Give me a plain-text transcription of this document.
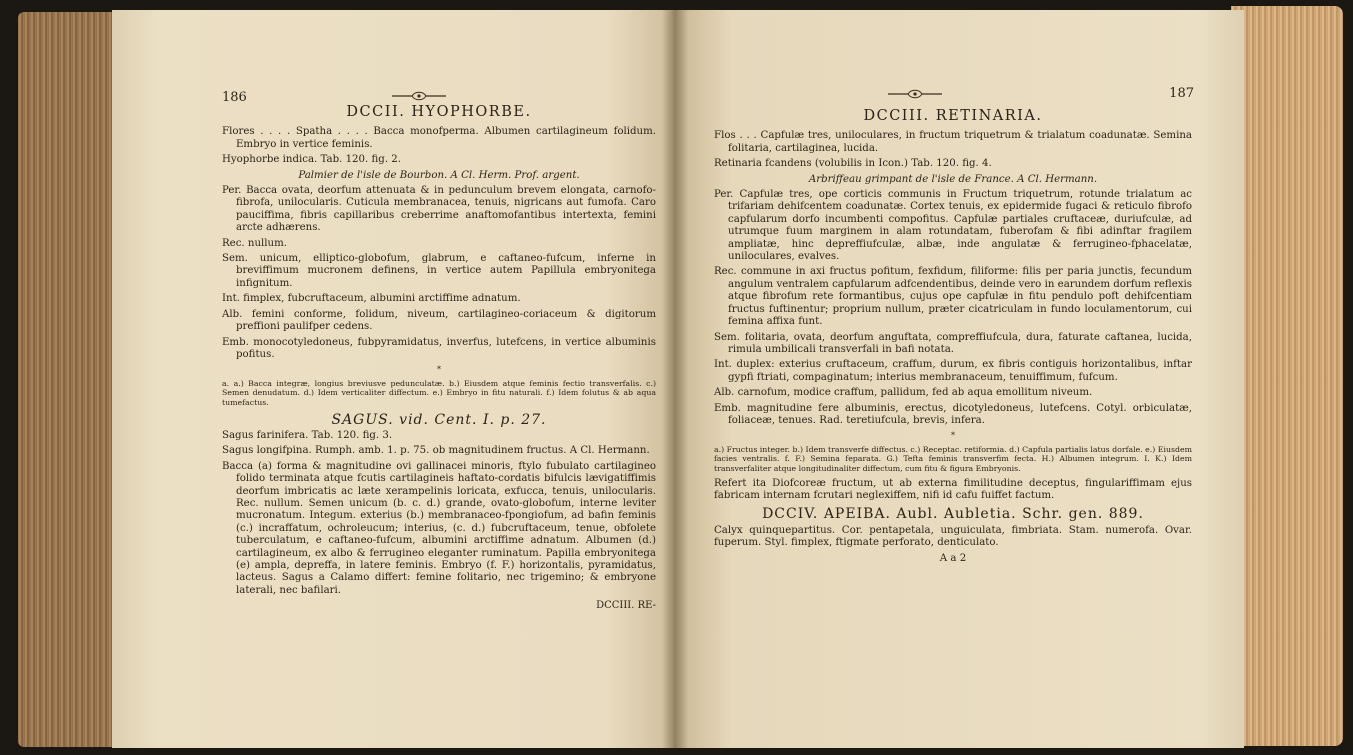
186
DCCII. HYOPHORBE.

Flores . . . . Spatha . . . . Bacca monofperma. Albumen cartilagineum folidum. Embryo in vertice feminis.

Hyophorbe indica. Tab. 120. fig. 2.

Palmier de l'isle de Bourbon. A Cl. Herm. Prof. argent.

Per. Bacca ovata, deorfum attenuata & in pedunculum brevem elongata, carnofo-fibrofa, unilocularis. Cuticula membranacea, tenuis, nigricans aut fumofa. Caro pauciffima, fibris capillaribus creberrime anaftomofantibus intertexta, femini arcte adhærens.

Rec. nullum.

Sem. unicum, elliptico-globofum, glabrum, e caftaneo-fufcum, inferne in breviffimum mucronem definens, in vertice autem Papillula embryonitega infignitum.

Int. fimplex, fubcruftaceum, albumini arctiffime adnatum.

Alb. femini conforme, folidum, niveum, cartilagineo-coriaceum & digitorum preffioni paulifper cedens.

Emb. monocotyledoneus, fubpyramidatus, inverfus, lutefcens, in vertice albuminis pofitus.

*

a. a.) Bacca integræ, longius breviusve pedunculatæ. b.) Eiusdem atque feminis fectio transverfalis. c.) Semen denudatum. d.) Idem verticaliter diffectum. e.) Embryo in fitu naturali. f.) Idem folutus & ab aqua tumefactus.

SAGUS. vid. Cent. I. p. 27.

Sagus farinifera. Tab. 120. fig. 3.

Sagus longifpina. Rumph. amb. 1. p. 75. ob magnitudinem fructus. A Cl. Hermann.

Bacca (a) forma & magnitudine ovi gallinacei minoris, ftylo fubulato cartilagineo folido terminata atque fcutis cartilagineis haftato-cordatis bifulcis lævigatiffimis deorfum imbricatis ac læte xerampelinis loricata, exfucca, tenuis, unilocularis. Rec. nullum. Semen unicum (b. c. d.) grande, ovato-globofum, interne leviter mucronatum. Integum. exterius (b.) membranaceo-fpongiofum, ad bafin feminis (c.) incraffatum, ochroleucum; interius, (c. d.) fubcruftaceum, tenue, obfolete tuberculatum, e caftaneo-fufcum, albumini arctiffime adnatum. Albumen (d.) cartilagineum, ex albo & ferrugineo eleganter ruminatum. Papilla embryonitega (e) ampla, depreffa, in latere feminis. Embryo (f. F.) horizontalis, pyramidatus, lacteus. Sagus a Calamo differt: femine folitario, nec trigemino; & embryone laterali, nec bafilari.

DCCIII. RE-
187
DCCIII. RETINARIA.

Flos . . . Capfulæ tres, uniloculares, in fructum triquetrum & trialatum coadunatæ. Semina folitaria, cartilaginea, lucida.

Retinaria fcandens (volubilis in Icon.) Tab. 120. fig. 4.

Arbriffeau grimpant de l'isle de France. A Cl. Hermann.

Per. Capfulæ tres, ope corticis communis in Fructum triquetrum, rotunde trialatum ac trifariam dehifcentem coadunatæ. Cortex tenuis, ex epidermide fugaci & reticulo fibrofo capfularum dorfo incumbenti compofitus. Capfulæ partiales cruftaceæ, duriufculæ, ad utrumque fuum marginem in alam rotundatam, fuberofam & fibi adinftar fragilem ampliatæ, hinc depreffiufculæ, albæ, inde angulatæ & ferrugineo-fphacelatæ, uniloculares, evalves.

Rec. commune in axi fructus pofitum, fexfidum, filiforme: filis per paria junctis, fecundum angulum ventralem capfularum adfcendentibus, deinde vero in earundem dorfum reflexis atque fibrofum rete formantibus, cujus ope capfulæ in fitu pendulo poft dehifcentiam fructus fuftinentur; proprium nullum, præter cicatriculam in fundo loculamentorum, cui femina affixa funt.

Sem. folitaria, ovata, deorfum anguftata, compreffiufcula, dura, faturate caftanea, lucida, rimula umbilicali transverfali in bafi notata.

Int. duplex: exterius cruftaceum, craffum, durum, ex fibris contiguis horizontalibus, inftar gypfi ftriati, compaginatum; interius membranaceum, tenuiffimum, fufcum.

Alb. carnofum, modice craffum, pallidum, fed ab aqua emollitum niveum.

Emb. magnitudine fere albuminis, erectus, dicotyledoneus, lutefcens. Cotyl. orbiculatæ, foliaceæ, tenues. Rad. teretiufcula, brevis, infera.

*

a.) Fructus integer. b.) Idem transverfe diffectus. c.) Receptac. retiformia. d.) Capfula partialis latus dorfale. e.) Eiusdem facies ventralis. f. F.) Semina feparata. G.) Tefta feminis transverfim fecta. H.) Albumen integrum. I. K.) Idem transverfaliter atque longitudinaliter diffectum, cum fitu & figura Embryonis.

Refert ita Diofcoreæ fructum, ut ab externa fimilitudine deceptus, fingulariffimam ejus fabricam internam fcrutari neglexiffem, nifi id cafu fuiffet factum.

DCCIV. APEIBA. Aubl. Aubletia. Schr. gen. 889.

Calyx quinquepartitus. Cor. pentapetala, unguiculata, fimbriata. Stam. numerofa. Ovar. fuperum. Styl. fimplex, ftigmate perforato, denticulato.

A a 2
